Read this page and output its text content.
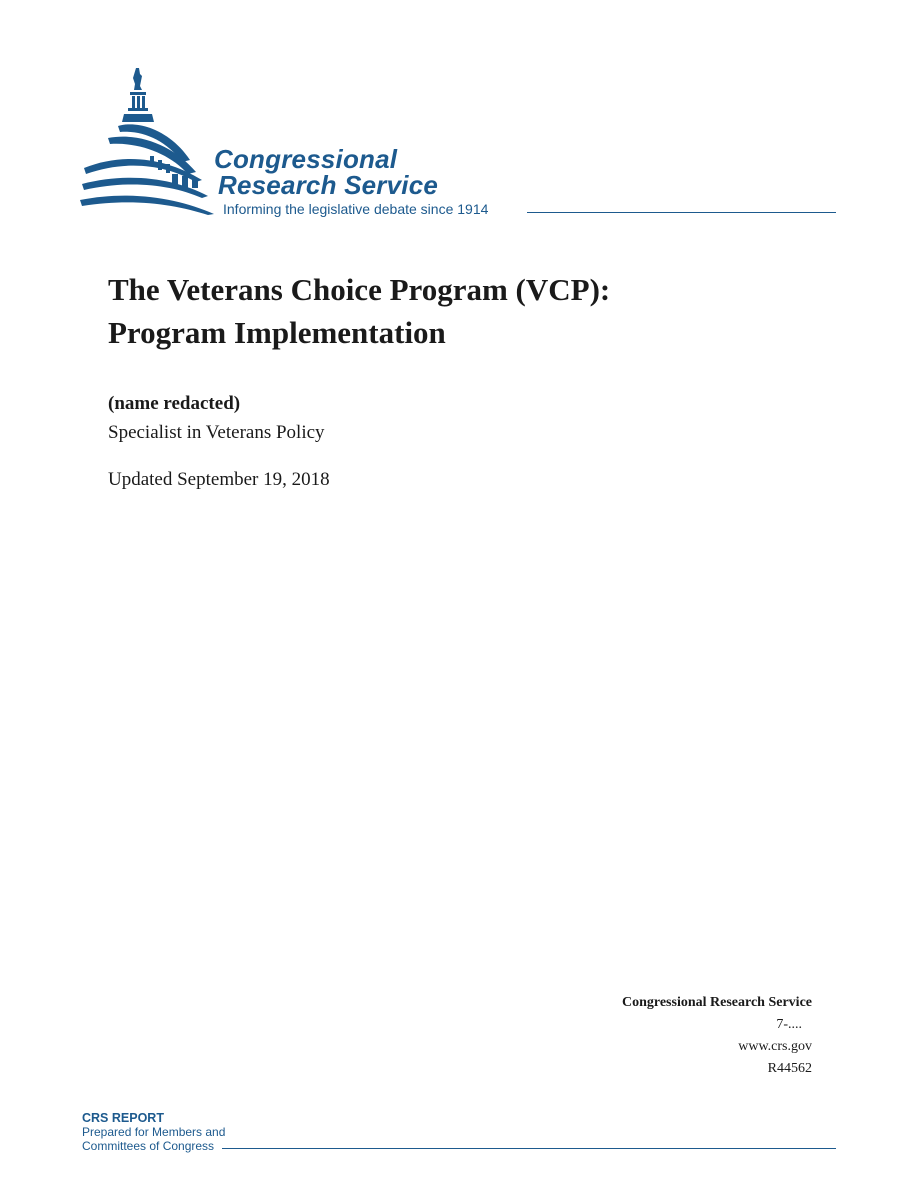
Congressional
Research Service
Informing the legislative debate since 1914
The Veterans Choice Program (VCP):
Program Implementation
(name redacted)
Specialist in Veterans Policy
Updated September 19, 2018
Congressional Research Service
7-....
www.crs.gov
R44562
CRS REPORT
Prepared for Members and
Committees of Congress
